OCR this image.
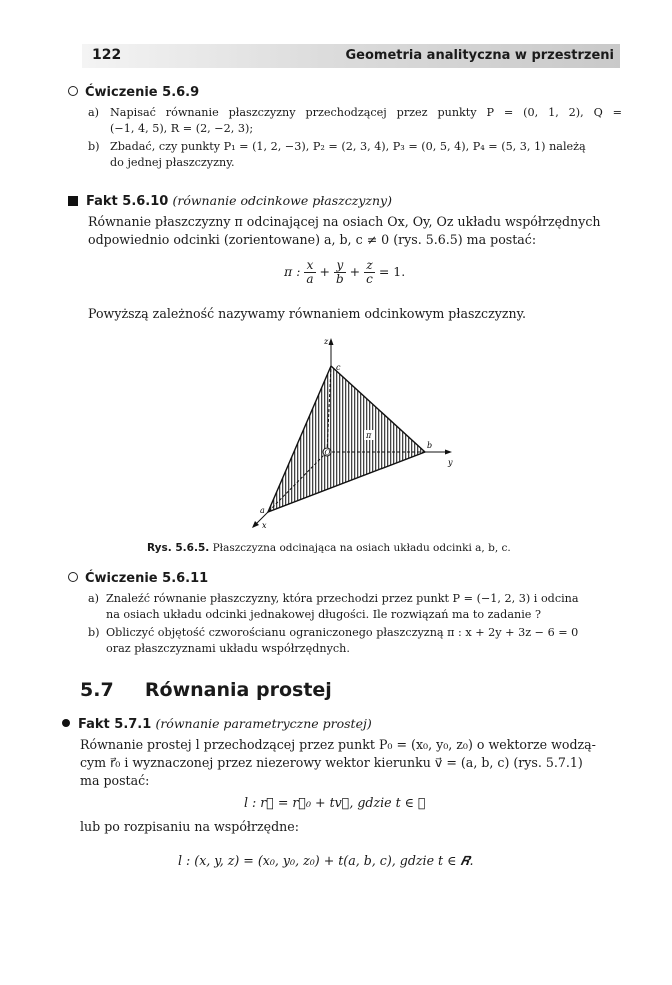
122	Geometria analityczna w przestrzeni
Ćwiczenie 5.6.9
a) Napisać równanie płaszczyzny przechodzącej przez punkty P = (0, 1, 2), Q =
(−1, 4, 5), R = (2, −2, 3);
b) Zbadać, czy punkty P₁ = (1, 2, −3), P₂ = (2, 3, 4), P₃ = (0, 5, 4), P₄ = (5, 3, 1) należą
do jednej płaszczyzny.
Fakt 5.6.10 (równanie odcinkowe płaszczyzny)
Równanie płaszczyzny π odcinającej na osiach Ox, Oy, Oz układu współrzędnych
odpowiednio odcinki (zorientowane) a, b, c ≠ 0 (rys. 5.6.5) ma postać:
π : $\frac{x}{a} + \frac{y}{b} + \frac{z}{c} = 1$.
Powyższą zależność nazywamy równaniem odcinkowym płaszczyzny.
z
c
b
y
a
x
O
π
Rys. 5.6.5. Płaszczyzna odcinająca na osiach układu odcinki a, b, c.
Ćwiczenie 5.6.11
a) Znaleźć równanie płaszczyzny, która przechodzi przez punkt P = (−1, 2, 3) i odcina
na osiach układu odcinki jednakowej długości. Ile rozwiązań ma to zadanie ?
b) Obliczyć objętość czworościanu ograniczonego płaszczyzną π : x + 2y + 3z − 6 = 0
oraz płaszczyznami układu współrzędnych.
5.7 Równania prostej
Fakt 5.7.1 (równanie parametryczne prostej)
Równanie prostej l przechodzącej przez punkt P₀ = (x₀, y₀, z₀) o wektorze wodzą-
cym r⃗₀ i wyznaczonej przez niezerowy wektor kierunku v⃗ = (a, b, c) (rys. 5.7.1)
ma postać:
l : r⃗ = r⃗₀ + tv⃗, gdzie t ∈ 𝑹
lub po rozpisaniu na współrzędne:
l : (x, y, z) = (x₀, y₀, z₀) + t(a, b, c), gdzie t ∈ 𝑹.
